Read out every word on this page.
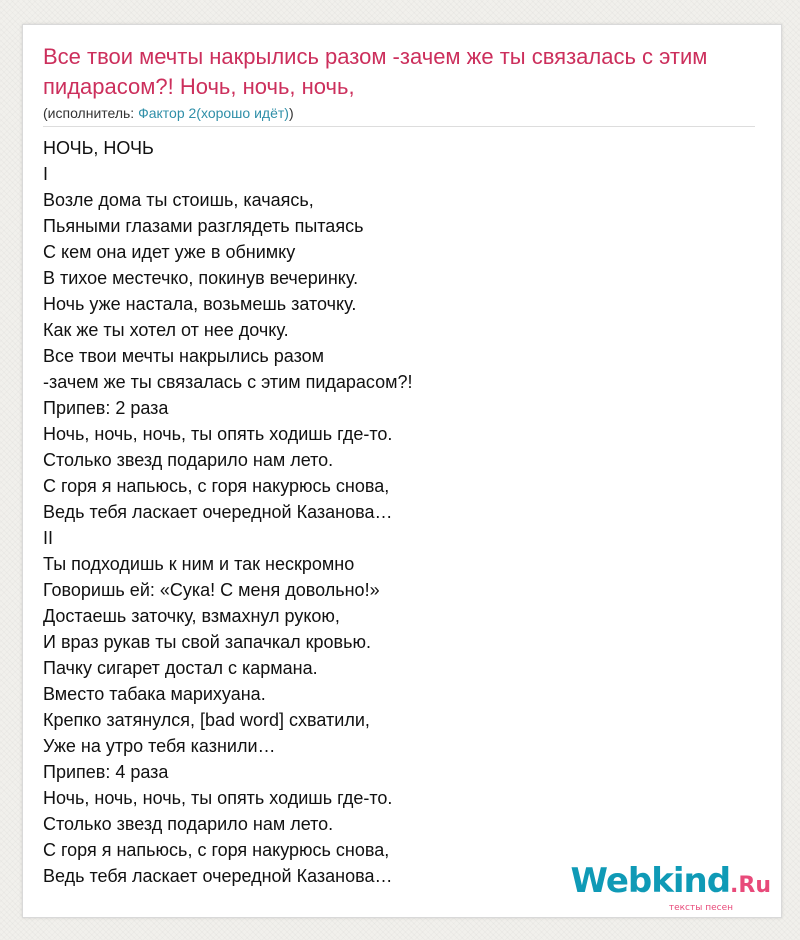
Все твои мечты накрылись разом -зачем же ты связалась с этим пидарасом?! Ночь, ночь, ночь,
(исполнитель: Фактор 2(хорошо идёт))
НОЧЬ, НОЧЬ
I
Возле дома ты стоишь, качаясь,
Пьяными глазами разглядеть пытаясь
С кем она идет уже в обнимку
В тихое местечко, покинув вечеринку.
Ночь уже настала, возьмешь заточку.
Как же ты хотел от нее дочку.
Все твои мечты накрылись разом
-зачем же ты связалась с этим пидарасом?!
Припев: 2 раза
Ночь, ночь, ночь, ты опять ходишь где-то.
Столько звезд подарило нам лето.
С горя я напьюсь, с горя накурюсь снова,
Ведь тебя ласкает очередной Казанова…
II
Ты подходишь к ним и так нескромно
Говоришь ей: «Сука! С меня довольно!»
Достаешь заточку, взмахнул рукою,
И враз рукав ты свой запачкал кровью.
Пачку сигарет достал с кармана.
Вместо табака марихуана.
Крепко затянулся, [bad word] схватили,
Уже на утро тебя казнили…
Припев: 4 раза
Ночь, ночь, ночь, ты опять ходишь где-то.
Столько звезд подарило нам лето.
С горя я напьюсь, с горя накурюсь снова,
Ведь тебя ласкает очередной Казанова…	Webkind.Ru
тексты песен
